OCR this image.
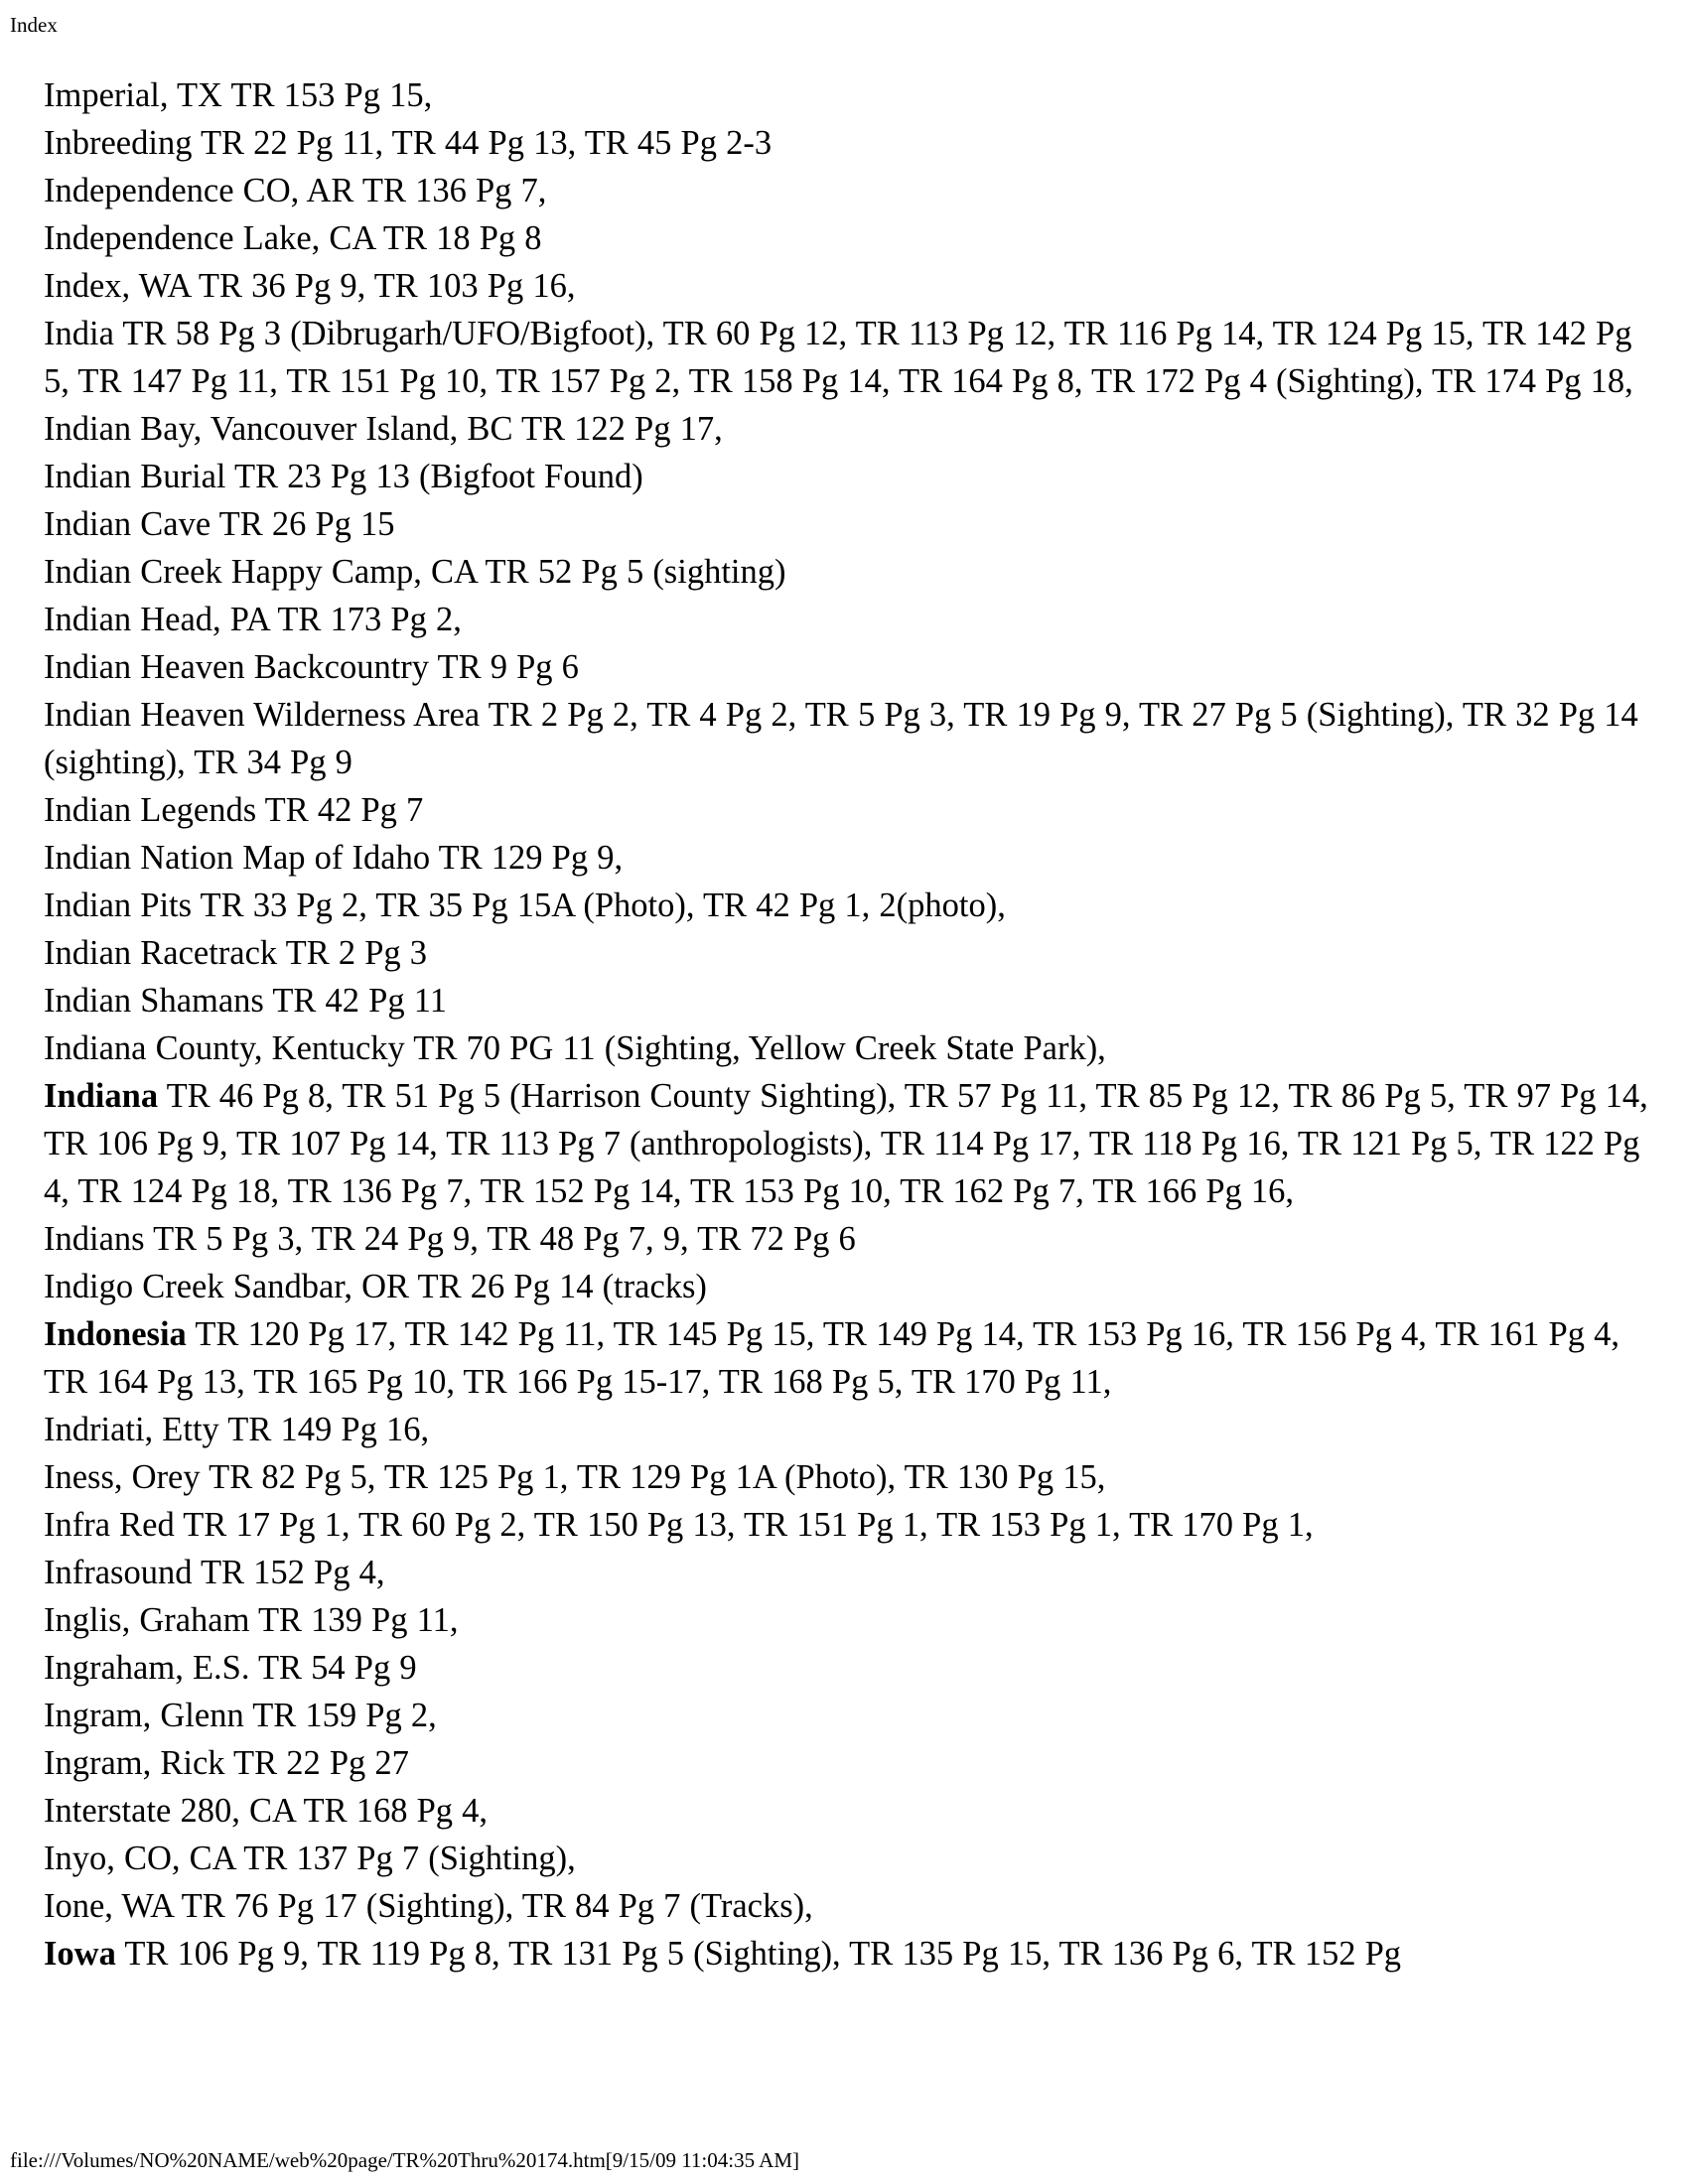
Index
Imperial, TX TR 153 Pg 15,
Inbreeding TR 22 Pg 11, TR 44 Pg 13, TR 45 Pg 2-3
Independence CO, AR TR 136 Pg 7,
Independence Lake, CA TR 18 Pg 8
Index, WA TR 36 Pg 9, TR 103 Pg 16,
India TR 58 Pg 3 (Dibrugarh/UFO/Bigfoot), TR 60 Pg 12, TR 113 Pg 12, TR 116 Pg 14, TR 124 Pg 15, TR 142 Pg 5, TR 147 Pg 11, TR 151 Pg 10, TR 157 Pg 2, TR 158 Pg 14, TR 164 Pg 8, TR 172 Pg 4 (Sighting), TR 174 Pg 18,
Indian Bay, Vancouver Island, BC TR 122 Pg 17,
Indian Burial TR 23 Pg 13 (Bigfoot Found)
Indian Cave TR 26 Pg 15
Indian Creek Happy Camp, CA TR 52 Pg 5 (sighting)
Indian Head, PA TR 173 Pg 2,
Indian Heaven Backcountry TR 9 Pg 6
Indian Heaven Wilderness Area TR 2 Pg 2, TR 4 Pg 2, TR 5 Pg 3, TR 19 Pg 9, TR 27 Pg 5 (Sighting), TR 32 Pg 14 (sighting), TR 34 Pg 9
Indian Legends TR 42 Pg 7
Indian Nation Map of Idaho TR 129 Pg 9,
Indian Pits TR 33 Pg 2, TR 35 Pg 15A (Photo), TR 42 Pg 1, 2(photo),
Indian Racetrack TR 2 Pg 3
Indian Shamans TR 42 Pg 11
Indiana County, Kentucky TR 70 PG 11 (Sighting, Yellow Creek State Park),
Indiana TR 46 Pg 8, TR 51 Pg 5 (Harrison County Sighting), TR 57 Pg 11, TR 85 Pg 12, TR 86 Pg 5, TR 97 Pg 14, TR 106 Pg 9, TR 107 Pg 14, TR 113 Pg 7 (anthropologists), TR 114 Pg 17, TR 118 Pg 16, TR 121 Pg 5, TR 122 Pg 4, TR 124 Pg 18, TR 136 Pg 7, TR 152 Pg 14, TR 153 Pg 10, TR 162 Pg 7, TR 166 Pg 16,
Indians TR 5 Pg 3, TR 24 Pg 9, TR 48 Pg 7, 9, TR 72 Pg 6
Indigo Creek Sandbar, OR TR 26 Pg 14 (tracks)
Indonesia TR 120 Pg 17, TR 142 Pg 11, TR 145 Pg 15, TR 149 Pg 14, TR 153 Pg 16, TR 156 Pg 4, TR 161 Pg 4, TR 164 Pg 13, TR 165 Pg 10, TR 166 Pg 15-17, TR 168 Pg 5, TR 170 Pg 11,
Indriati, Etty TR 149 Pg 16,
Iness, Orey TR 82 Pg 5, TR 125 Pg 1, TR 129 Pg 1A (Photo), TR 130 Pg 15,
Infra Red TR 17 Pg 1, TR 60 Pg 2, TR 150 Pg 13, TR 151 Pg 1, TR 153 Pg 1, TR 170 Pg 1,
Infrasound TR 152 Pg 4,
Inglis, Graham TR 139 Pg 11,
Ingraham, E.S. TR 54 Pg 9
Ingram, Glenn TR 159 Pg 2,
Ingram, Rick TR 22 Pg 27
Interstate 280, CA TR 168 Pg 4,
Inyo, CO, CA TR 137 Pg 7 (Sighting),
Ione, WA TR 76 Pg 17 (Sighting), TR 84 Pg 7 (Tracks),
Iowa TR 106 Pg 9, TR 119 Pg 8, TR 131 Pg 5 (Sighting), TR 135 Pg 15, TR 136 Pg 6, TR 152 Pg
file:///Volumes/NO%20NAME/web%20page/TR%20Thru%20174.htm[9/15/09 11:04:35 AM]
